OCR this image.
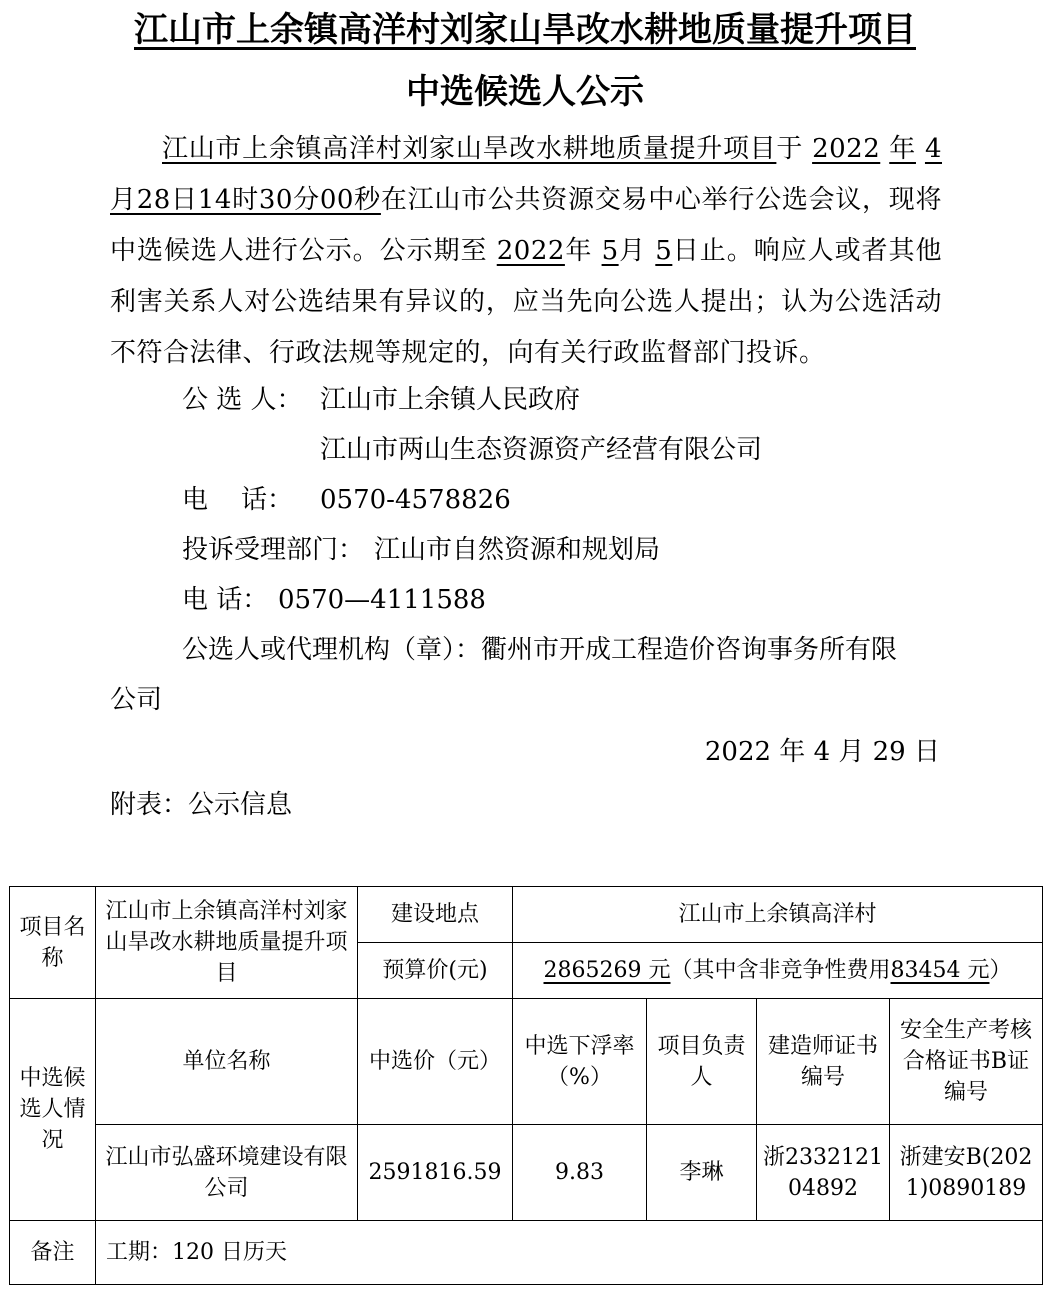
江山市上余镇高洋村刘家山旱改水耕地质量提升项目
中选候选人公示
江山市上余镇高洋村刘家山旱改水耕地质量提升项目于 2022 年 4月28日14时30分00秒在江山市公共资源交易中心举行公选会议，现将中选候选人进行公示。公示期至 2022年 5月 5日止。响应人或者其他利害关系人对公选结果有异议的，应当先向公选人提出；认为公选活动不符合法律、行政法规等规定的，向有关行政监督部门投诉。
公 选 人： 江山市上余镇人民政府
江山市两山生态资源资产经营有限公司
电    话： 0570-4578826
投诉受理部门： 江山市自然资源和规划局
电 话： 0570—4111588
公选人或代理机构（章）：衢州市开成工程造价咨询事务所有限
公司
2022 年 4 月 29 日
附表：公示信息
项目名称	江山市上余镇高洋村刘家山旱改水耕地质量提升项目	建设地点	江山市上余镇高洋村			
		预算价(元)	2865269 元（其中含非竞争性费用83454 元）			
中选候选人情况	单位名称	中选价（元）	中选下浮率（%）	项目负责人	建造师证书编号	安全生产考核合格证书B证编号
	江山市弘盛环境建设有限公司	2591816.59	9.83	李琳	浙233212104892	浙建安B(2021)0890189
备注	工期：120 日历天					
